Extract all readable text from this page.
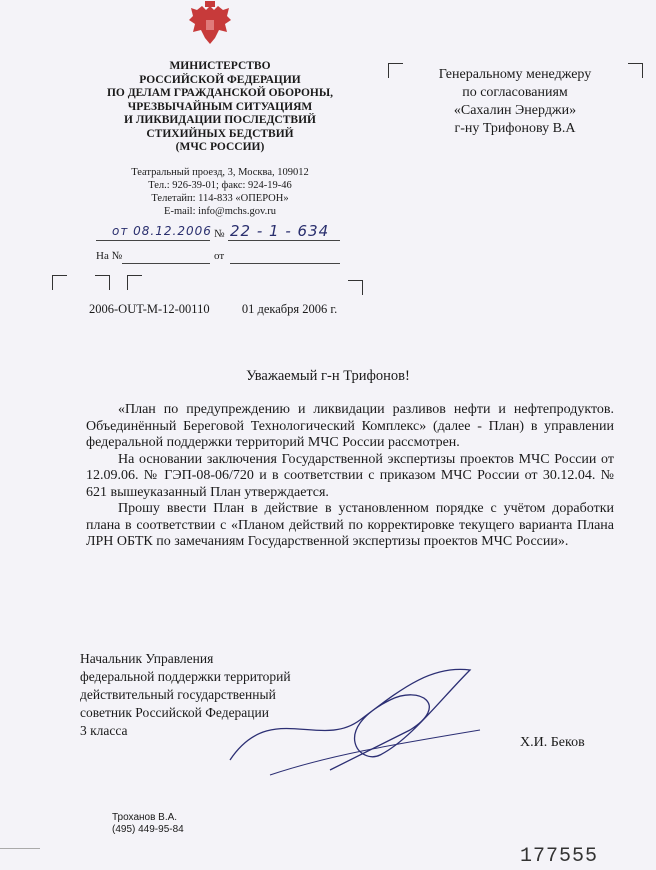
МИНИСТЕРСТВО
РОССИЙСКОЙ ФЕДЕРАЦИИ
ПО ДЕЛАМ ГРАЖДАНСКОЙ ОБОРОНЫ,
ЧРЕЗВЫЧАЙНЫМ СИТУАЦИЯМ
И ЛИКВИДАЦИИ ПОСЛЕДСТВИЙ
СТИХИЙНЫХ БЕДСТВИЙ
(МЧС РОССИИ)
Театральный проезд, 3, Москва, 109012
Тел.: 926-39-01; факс: 924-19-46
Телетайп: 114-833 «ОПЕРОН»
E-mail: info@mchs.gov.ru
от 08.12.2006 № 22 - 1 - 634
На №	от
Генеральному менеджеру
по согласованиям
«Сахалин Энерджи»
г-ну Трифонову В.А
2006-OUT-M-12-00110	01 декабря 2006 г.
Уважаемый г-н Трифонов!

«План по предупреждению и ликвидации разливов нефти и нефтепродуктов. Объединённый Береговой Технологический Комплекс» (далее - План) в управлении федеральной поддержки территорий МЧС России рассмотрен.

На основании заключения Государственной экспертизы проектов МЧС России от 12.09.06. № ГЭП-08-06/720 и в соответствии с приказом МЧС России от 30.12.04. № 621 вышеуказанный План утверждается.

Прошу ввести План в действие в установленном порядке с учётом доработки плана в соответствии с «Планом действий по корректировке текущего варианта Плана ЛРН ОБТК по замечаниям Государственной экспертизы проектов МЧС России».

Начальник Управления
федеральной поддержки территорий
действительный государственный
советник Российской Федерации
3 класса
Х.И. Беков
Троханов В.А.
(495) 449-95-84
177555
